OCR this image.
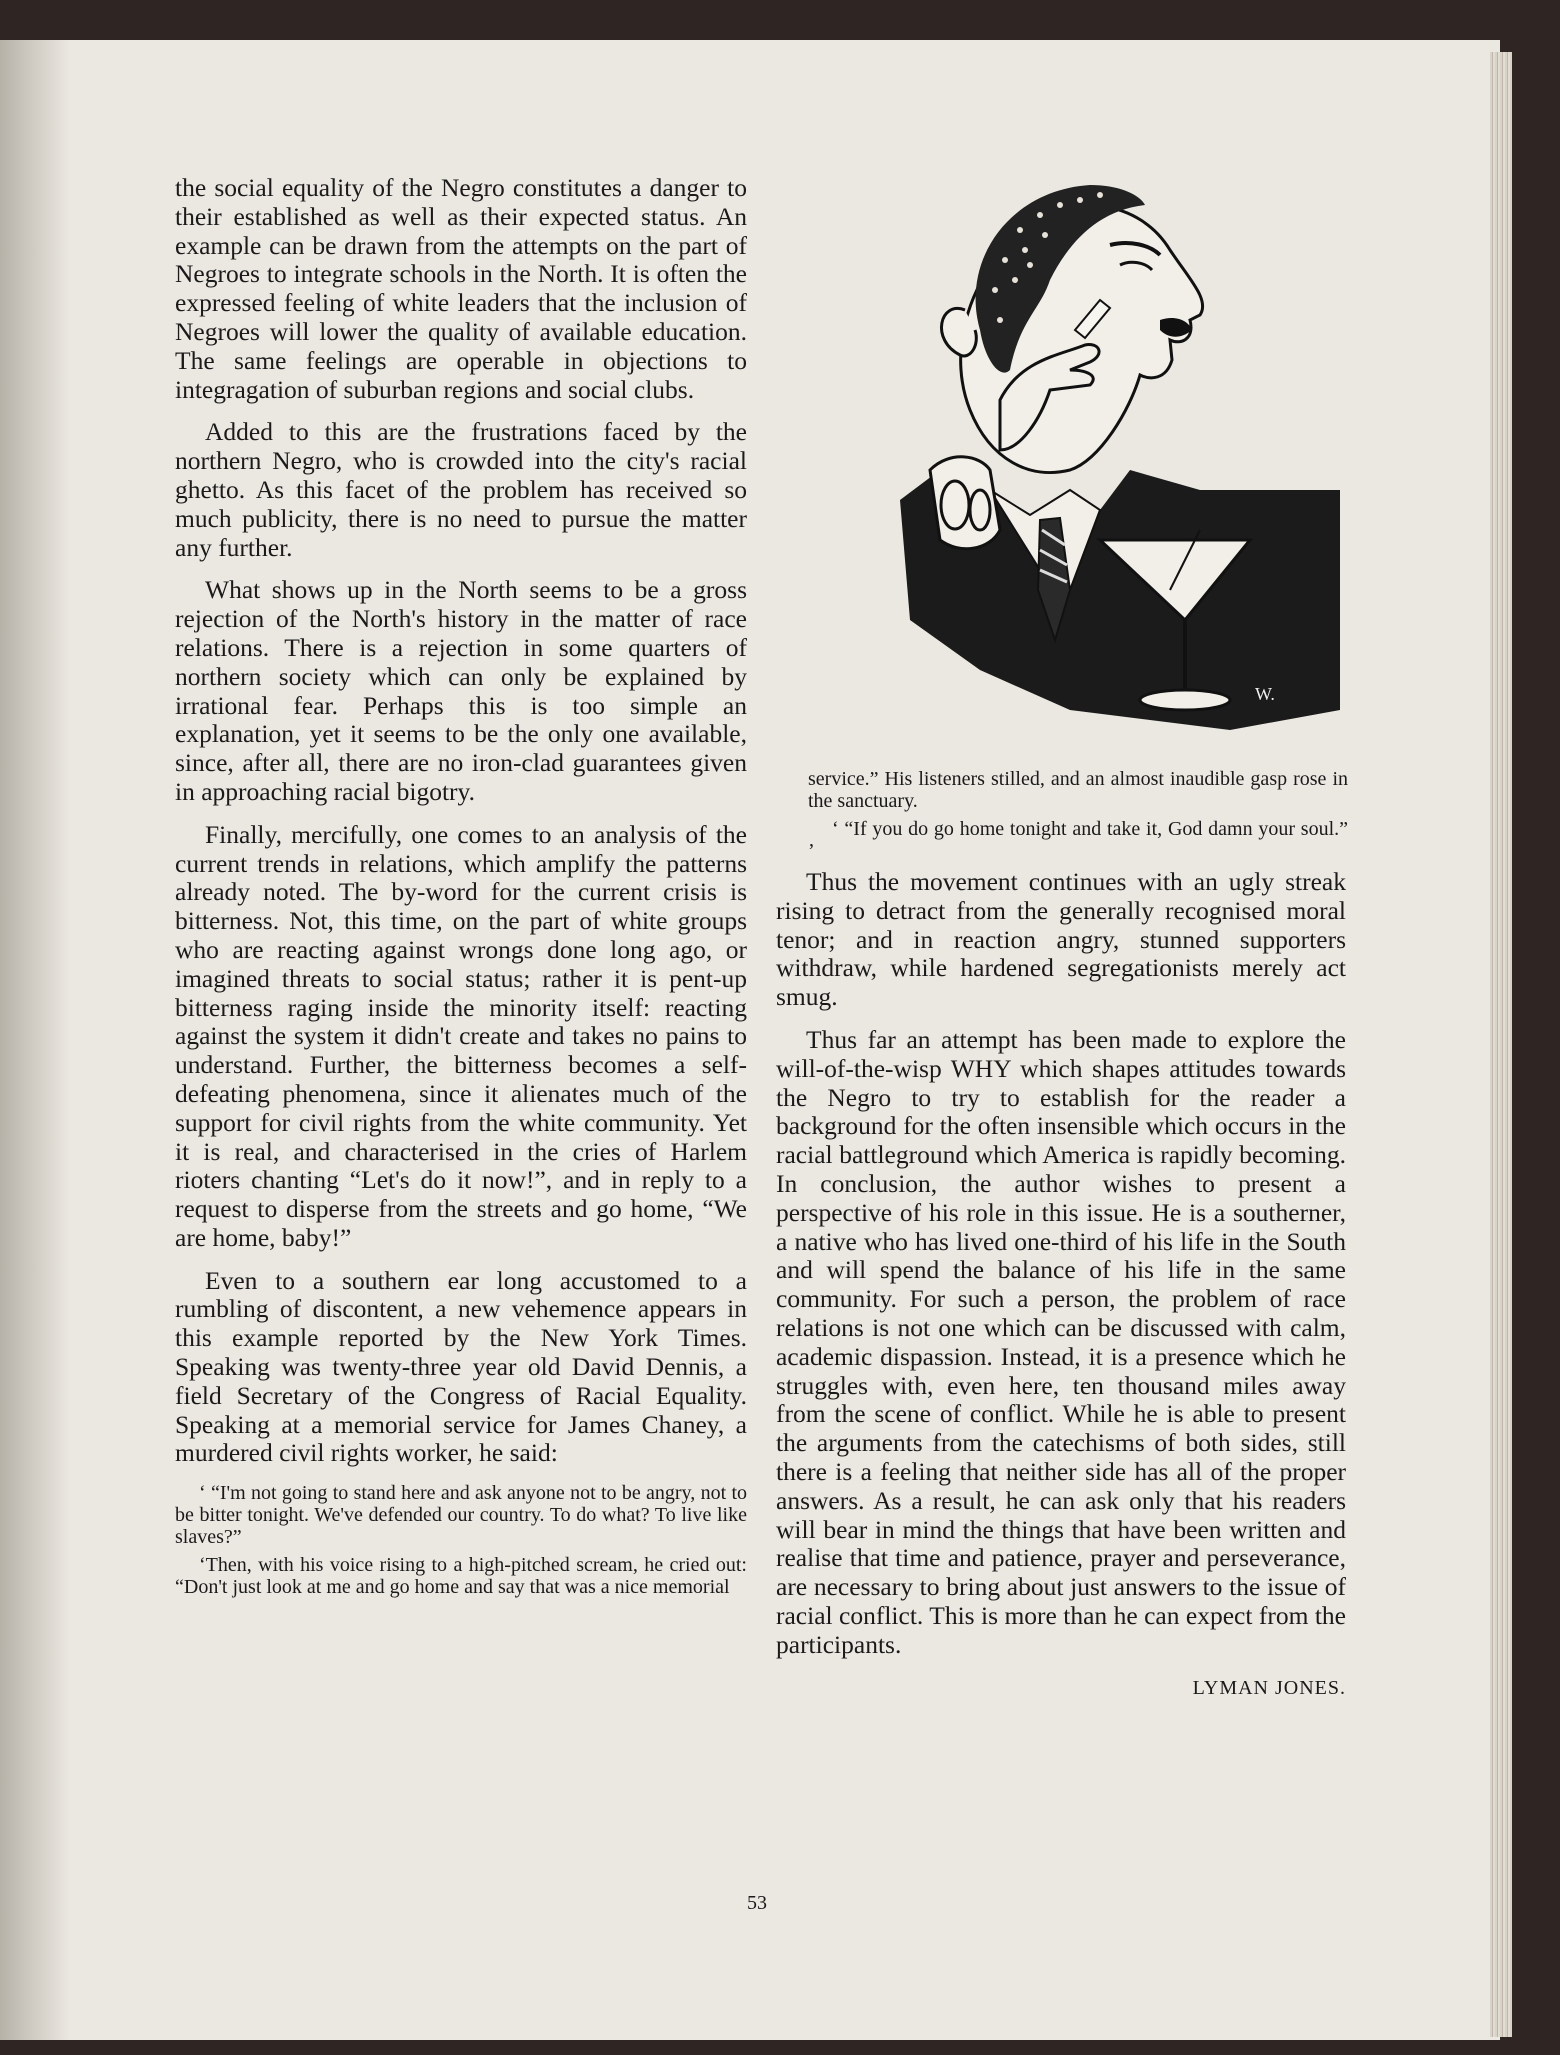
the social equality of the Negro constitutes a danger to their established as well as their expected status. An example can be drawn from the attempts on the part of Negroes to integrate schools in the North. It is often the expressed feeling of white leaders that the inclusion of Negroes will lower the quality of available education. The same feelings are operable in objections to integragation of suburban regions and social clubs.

Added to this are the frustrations faced by the northern Negro, who is crowded into the city's racial ghetto. As this facet of the problem has received so much publicity, there is no need to pursue the matter any further.

What shows up in the North seems to be a gross rejection of the North's history in the matter of race relations. There is a rejection in some quarters of northern society which can only be explained by irrational fear. Perhaps this is too simple an explanation, yet it seems to be the only one available, since, after all, there are no iron-clad guarantees given in approaching racial bigotry.

Finally, mercifully, one comes to an analysis of the current trends in relations, which amplify the patterns already noted. The by-word for the current crisis is bitterness. Not, this time, on the part of white groups who are reacting against wrongs done long ago, or imagined threats to social status; rather it is pent-up bitterness raging inside the minority itself: reacting against the system it didn't create and takes no pains to understand. Further, the bitterness becomes a self-defeating phenomena, since it alienates much of the support for civil rights from the white community. Yet it is real, and characterised in the cries of Harlem rioters chanting “Let's do it now!”, and in reply to a request to disperse from the streets and go home, “We are home, baby!”

Even to a southern ear long accustomed to a rumbling of discontent, a new vehemence appears in this example reported by the New York Times. Speaking was twenty-three year old David Dennis, a field Secretary of the Congress of Racial Equality. Speaking at a memorial service for James Chaney, a murdered civil rights worker, he said:

‘ “I'm not going to stand here and ask anyone not to be angry, not to be bitter tonight. We've defended our country. To do what? To live like slaves?”

‘Then, with his voice rising to a high-pitched scream, he cried out: “Don't just look at me and go home and say that was a nice memorial

W.

service.” His listeners stilled, and an almost inaudible gasp rose in the sanctuary.

‘ “If you do go home tonight and take it, God damn your soul.” ’

Thus the movement continues with an ugly streak rising to detract from the generally recognised moral tenor; and in reaction angry, stunned supporters withdraw, while hardened segregationists merely act smug.

Thus far an attempt has been made to explore the will-of-the-wisp WHY which shapes attitudes towards the Negro to try to establish for the reader a background for the often insensible which occurs in the racial battleground which America is rapidly becoming. In conclusion, the author wishes to present a perspective of his role in this issue. He is a southerner, a native who has lived one-third of his life in the South and will spend the balance of his life in the same community. For such a person, the problem of race relations is not one which can be discussed with calm, academic dispassion. Instead, it is a presence which he struggles with, even here, ten thousand miles away from the scene of conflict. While he is able to present the arguments from the catechisms of both sides, still there is a feeling that neither side has all of the proper answers. As a result, he can ask only that his readers will bear in mind the things that have been written and realise that time and patience, prayer and perseverance, are necessary to bring about just answers to the issue of racial conflict. This is more than he can expect from the participants.

LYMAN JONES.
53
